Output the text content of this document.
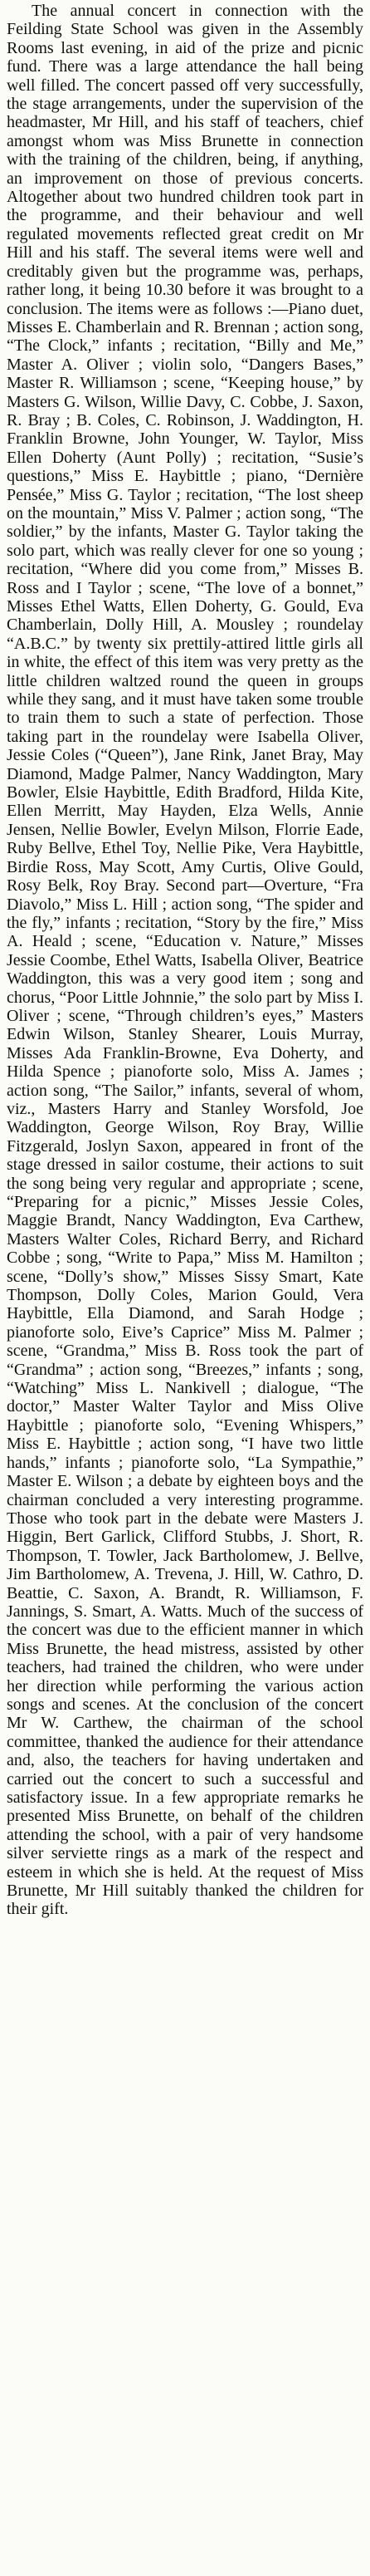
The annual concert in connection with the Feilding State School was given in the Assembly Rooms last evening, in aid of the prize and picnic fund. There was a large attendance the hall being well filled. The concert passed off very successfully, the stage arrangements, under the supervision of the headmaster, Mr Hill, and his staff of teachers, chief amongst whom was Miss Brunette in connection with the training of the children, being, if anything, an improvement on those of previous concerts. Altogether about two hundred children took part in the programme, and their behaviour and well regulated movements reflected great credit on Mr Hill and his staff. The several items were well and creditably given but the programme was, perhaps, rather long, it being 10.30 before it was brought to a conclusion. The items were as follows :—Piano duet, Misses E. Chamberlain and R. Brennan ; action song, “The Clock,” infants ; recitation, “Billy and Me,” Master A. Oliver ; violin solo, “Dangers Bases,” Master R. Williamson ; scene, “Keeping house,” by Masters G. Wilson, Willie Davy, C. Cobbe, J. Saxon, R. Bray ; B. Coles, C. Robinson, J. Waddington, H. Franklin Browne, John Younger, W. Taylor, Miss Ellen Doherty (Aunt Polly) ; recitation, “Susie’s questions,” Miss E. Haybittle ; piano, “Dernière Pensée,” Miss G. Taylor ; recitation, “The lost sheep on the mountain,” Miss V. Palmer ; action song, “The soldier,” by the infants, Master G. Taylor taking the solo part, which was really clever for one so young ; recitation, “Where did you come from,” Misses B. Ross and I Taylor ; scene, “The love of a bonnet,” Misses Ethel Watts, Ellen Doherty, G. Gould, Eva Chamberlain, Dolly Hill, A. Mousley ; roundelay “A.B.C.” by twenty six prettily-attired little girls all in white, the effect of this item was very pretty as the little children waltzed round the queen in groups while they sang, and it must have taken some trouble to train them to such a state of perfection. Those taking part in the roundelay were Isabella Oliver, Jessie Coles (“Queen”), Jane Rink, Janet Bray, May Diamond, Madge Palmer, Nancy Waddington, Mary Bowler, Elsie Haybittle, Edith Bradford, Hilda Kite, Ellen Merritt, May Hayden, Elza Wells, Annie Jensen, Nellie Bowler, Evelyn Milson, Florrie Eade, Ruby Bellve, Ethel Toy, Nellie Pike, Vera Haybittle, Birdie Ross, May Scott, Amy Curtis, Olive Gould, Rosy Belk, Roy Bray. Second part—Overture, “Fra Diavolo,” Miss L. Hill ; action song, “The spider and the fly,” infants ; recitation, “Story by the fire,” Miss A. Heald ; scene, “Education v. Nature,” Misses Jessie Coombe, Ethel Watts, Isabella Oliver, Beatrice Waddington, this was a very good item ; song and chorus, “Poor Little Johnnie,” the solo part by Miss I. Oliver ; scene, “Through children’s eyes,” Masters Edwin Wilson, Stanley Shearer, Louis Murray, Misses Ada Franklin-Browne, Eva Doherty, and Hilda Spence ; pianoforte solo, Miss A. James ; action song, “The Sailor,” infants, several of whom, viz., Masters Harry and Stanley Worsfold, Joe Waddington, George Wilson, Roy Bray, Willie Fitzgerald, Joslyn Saxon, appeared in front of the stage dressed in sailor costume, their actions to suit the song being very regular and appropriate ; scene, “Preparing for a picnic,” Misses Jessie Coles, Maggie Brandt, Nancy Waddington, Eva Carthew, Masters Walter Coles, Richard Berry, and Richard Cobbe ; song, “Write to Papa,” Miss M. Hamilton ; scene, “Dolly’s show,” Misses Sissy Smart, Kate Thompson, Dolly Coles, Marion Gould, Vera Haybittle, Ella Diamond, and Sarah Hodge ; pianoforte solo, Eive’s Caprice” Miss M. Palmer ; scene, “Grandma,” Miss B. Ross took the part of “Grandma” ; action song, “Breezes,” infants ; song, “Watching” Miss L. Nankivell ; dialogue, “The doctor,” Master Walter Taylor and Miss Olive Haybittle ; pianoforte solo, “Evening Whispers,” Miss E. Haybittle ; action song, “I have two little hands,” infants ; pianoforte solo, “La Sympathie,” Master E. Wilson ; a debate by eighteen boys and the chairman concluded a very interesting programme. Those who took part in the debate were Masters J. Higgin, Bert Garlick, Clifford Stubbs, J. Short, R. Thompson, T. Towler, Jack Bartholomew, J. Bellve, Jim Bartholomew, A. Trevena, J. Hill, W. Cathro, D. Beattie, C. Saxon, A. Brandt, R. Williamson, F. Jannings, S. Smart, A. Watts. Much of the success of the concert was due to the efficient manner in which Miss Brunette, the head mistress, assisted by other teachers, had trained the children, who were under her direction while performing the various action songs and scenes. At the conclusion of the concert Mr W. Carthew, the chairman of the school committee, thanked the audience for their attendance and, also, the teachers for having undertaken and carried out the concert to such a successful and satisfactory issue. In a few appropriate remarks he presented Miss Brunette, on behalf of the children attending the school, with a pair of very handsome silver serviette rings as a mark of the respect and esteem in which she is held. At the request of Miss Brunette, Mr Hill suitably thanked the children for their gift.
